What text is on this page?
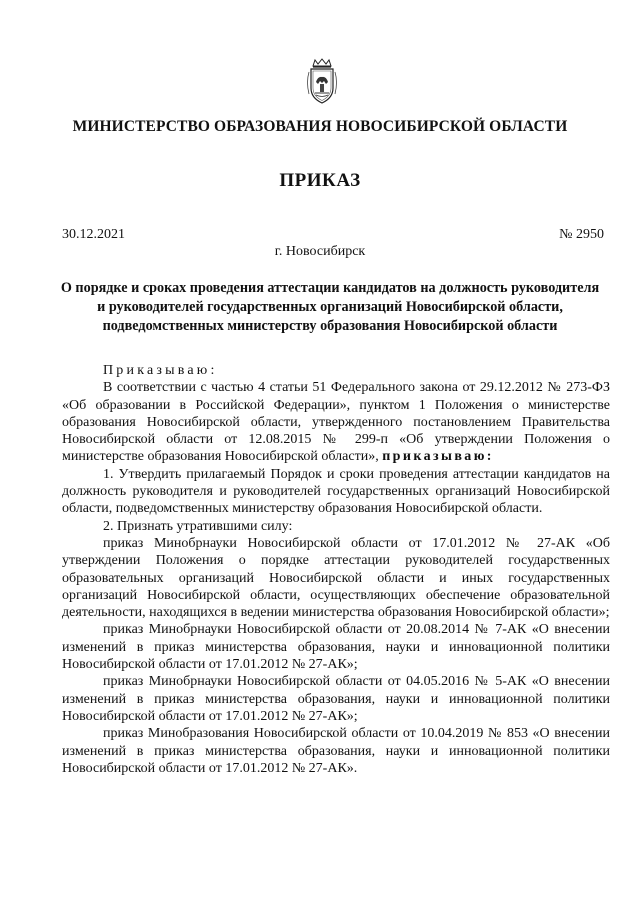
МИНИСТЕРСТВО ОБРАЗОВАНИЯ НОВОСИБИРСКОЙ ОБЛАСТИ
ПРИКАЗ
30.12.2021	№ 2950
г. Новосибирск
О порядке и сроках проведения аттестации кандидатов на должность руководителя и руководителей государственных организаций Новосибирской области, подведомственных министерству образования Новосибирской области

Приказываю:

В соответствии с частью 4 статьи 51 Федерального закона от 29.12.2012 № 273-ФЗ «Об образовании в Российской Федерации», пунктом 1 Положения о министерстве образования Новосибирской области, утвержденного постановлением Правительства Новосибирской области от 12.08.2015 № 299-п «Об утверждении Положения о министерстве образования Новосибирской области», приказываю:

1. Утвердить прилагаемый Порядок и сроки проведения аттестации кандидатов на должность руководителя и руководителей государственных организаций Новосибирской области, подведомственных министерству образования Новосибирской области.

2. Признать утратившими силу:

приказ Минобрнауки Новосибирской области от 17.01.2012 № 27-АК «Об утверждении Положения о порядке аттестации руководителей государственных образовательных организаций Новосибирской области и иных государственных организаций Новосибирской области, осуществляющих обеспечение образовательной деятельности, находящихся в ведении министерства образования Новосибирской области»;

приказ Минобрнауки Новосибирской области от 20.08.2014 № 7-АК «О внесении изменений в приказ министерства образования, науки и инновационной политики Новосибирской области от 17.01.2012 № 27-АК»;

приказ Минобрнауки Новосибирской области от 04.05.2016 № 5-АК «О внесении изменений в приказ министерства образования, науки и инновационной политики Новосибирской области от 17.01.2012 № 27-АК»;

приказ Минобразования Новосибирской области от 10.04.2019 № 853 «О внесении изменений в приказ министерства образования, науки и инновационной политики Новосибирской области от 17.01.2012 № 27-АК».
